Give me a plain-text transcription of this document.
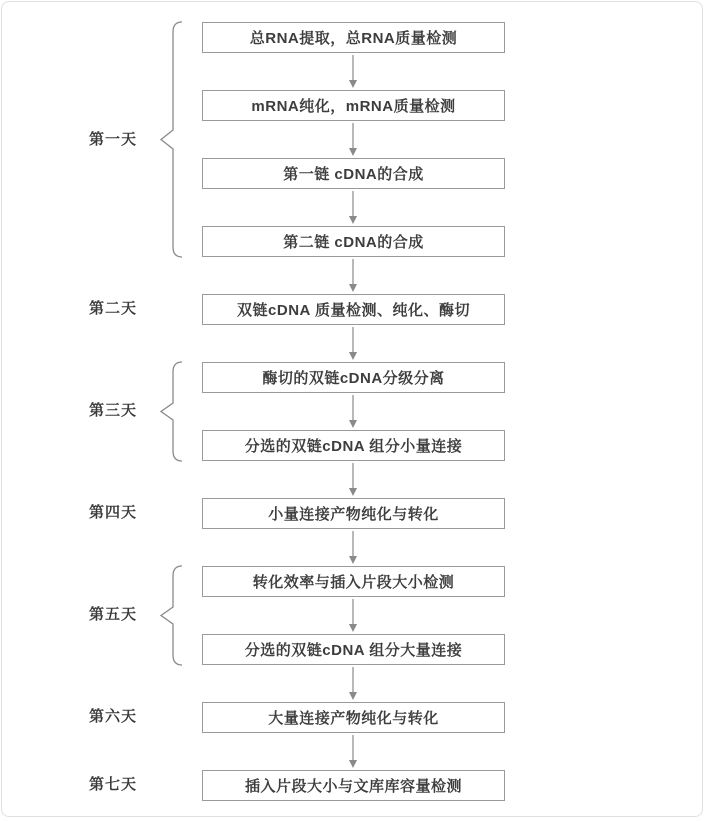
总RNA提取，总RNA质量检测
mRNA纯化，mRNA质量检测
第一链 cDNA的合成
第二链 cDNA的合成
双链cDNA 质量检测、纯化、酶切
酶切的双链cDNA分级分离
分选的双链cDNA 组分小量连接
小量连接产物纯化与转化
转化效率与插入片段大小检测
分选的双链cDNA 组分大量连接
大量连接产物纯化与转化
插入片段大小与文库库容量检测
第一天
第二天
第三天
第四天
第五天
第六天
第七天
